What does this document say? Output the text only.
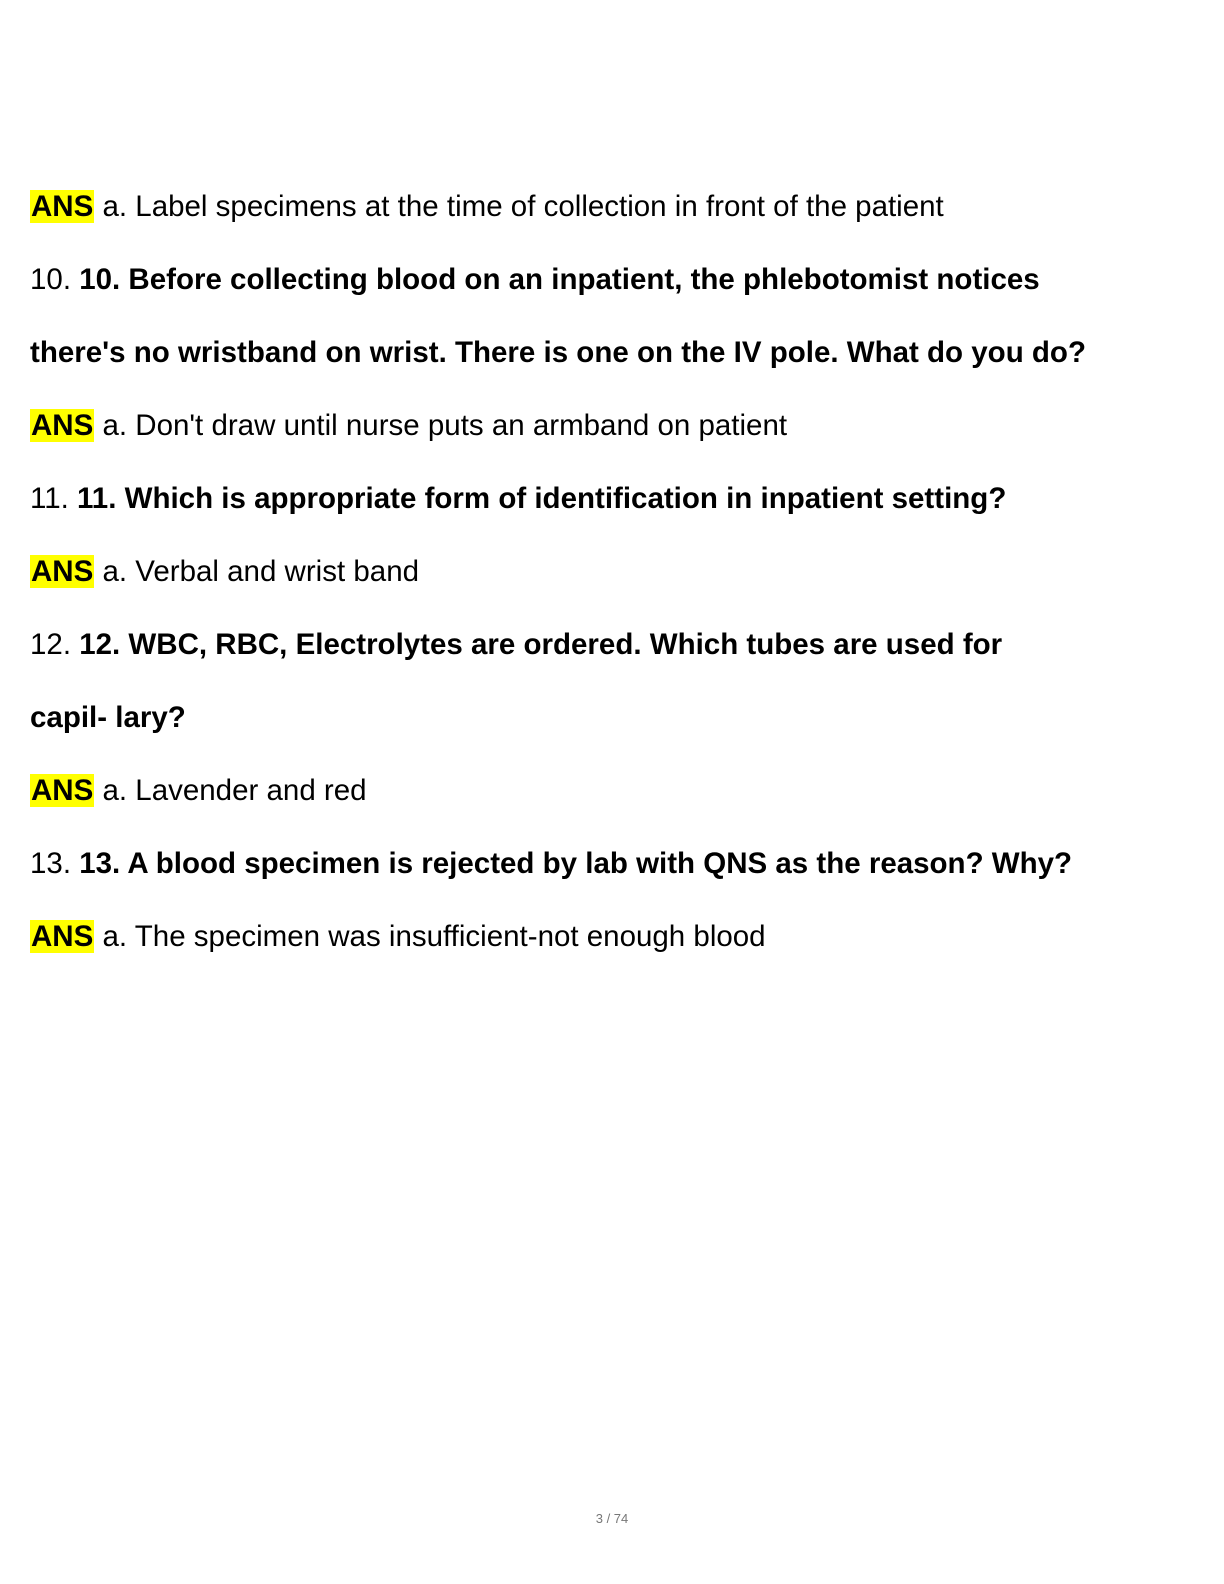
ANS a. Label specimens at the time of collection in front of the patient

10. 10. Before collecting blood on an inpatient, the phlebotomist notices

there's no wristband on wrist. There is one on the IV pole. What do you do?

ANS a. Don't draw until nurse puts an armband on patient

11. 11. Which is appropriate form of identification in inpatient setting?

ANS a. Verbal and wrist band

12. 12. WBC, RBC, Electrolytes are ordered. Which tubes are used for

capil- lary?

ANS a. Lavender and red

13. 13. A blood specimen is rejected by lab with QNS as the reason? Why?

ANS a. The specimen was insufficient-not enough blood

3 / 74
